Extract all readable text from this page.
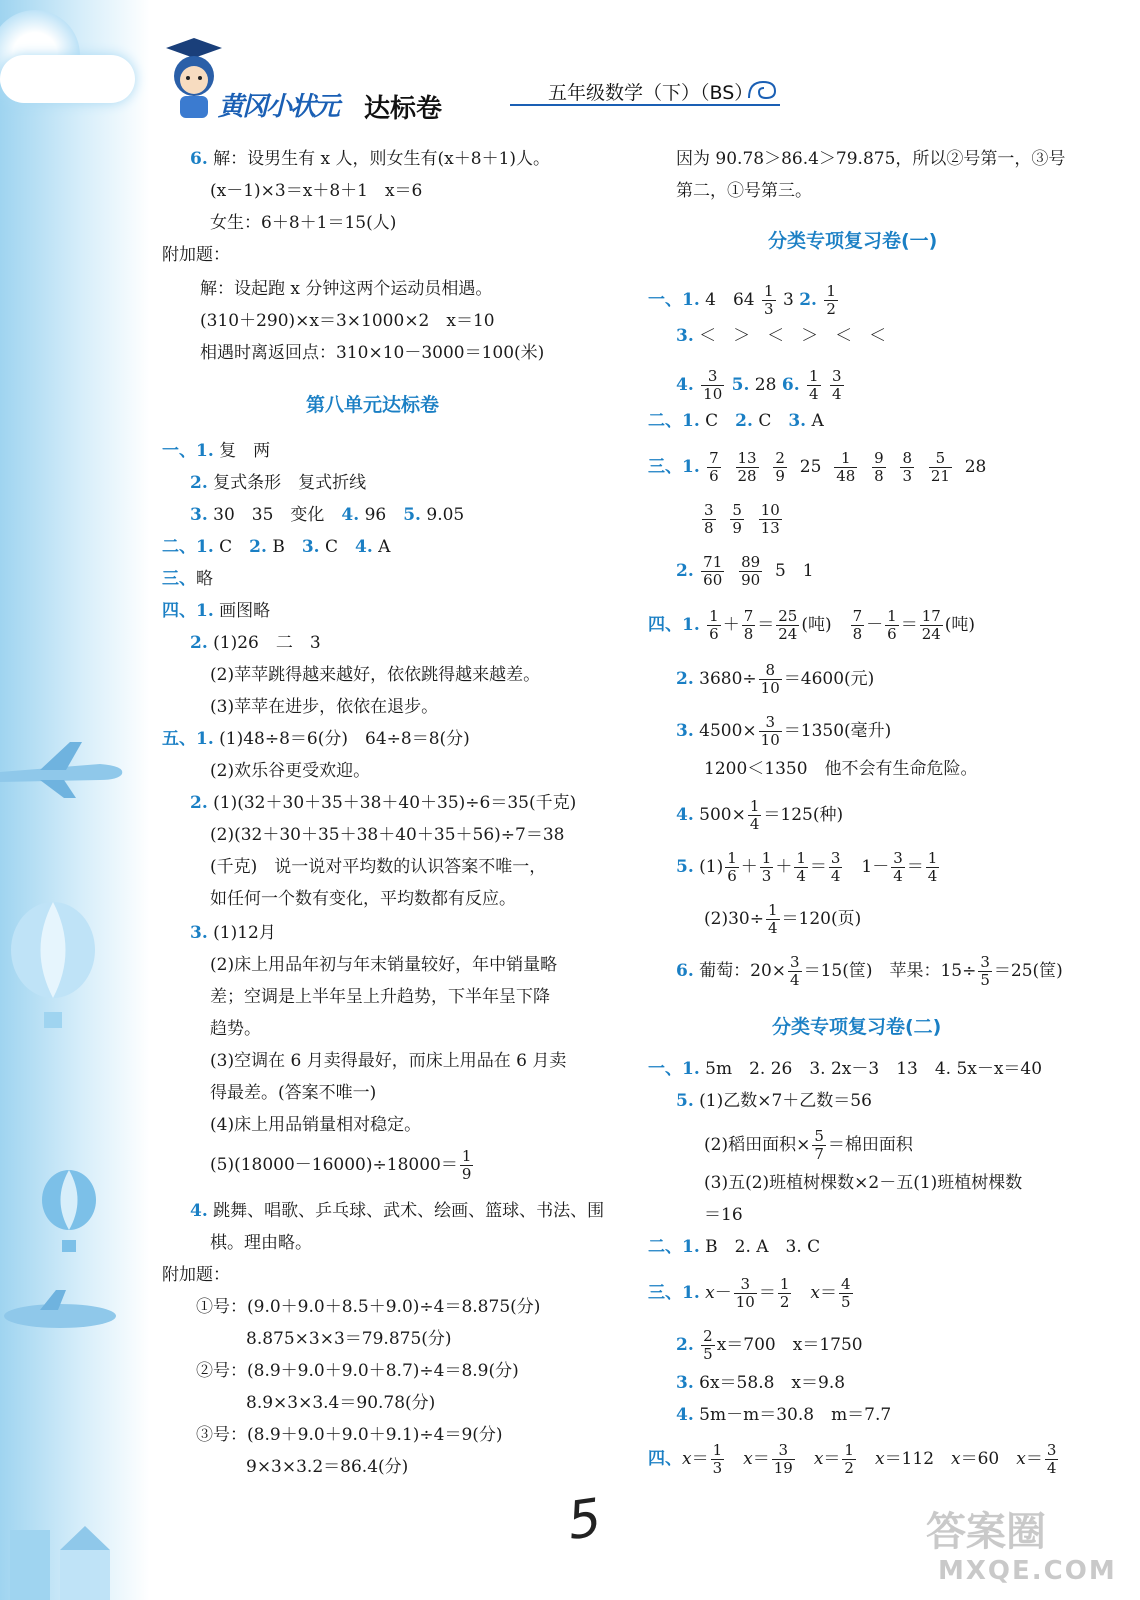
黄冈小状元 达标卷
五年级数学（下）（BS）
6. 解：设男生有 x 人，则女生有(x＋8＋1)人。
(x－1)×3＝x＋8＋1　x＝6
女生：6＋8＋1＝15(人)
附加题：
解：设起跑 x 分钟这两个运动员相遇。
(310＋290)×x＝3×1000×2　x＝10
相遇时离返回点：310×10－3000＝100(米)
第八单元达标卷
一、1. 复　两
2. 复式条形　复式折线
3. 30　35　变化　 4. 96　 5. 9.05
二、1. C　 2. B　 3. C　 4. A
三、略
四、1. 画图略
2. (1)26　二　3
(2)苹苹跳得越来越好，依依跳得越来越差。
(3)苹苹在进步，依依在退步。
五、1. (1)48÷8＝6(分)　64÷8＝8(分)
(2)欢乐谷更受欢迎。
2. (1)(32＋30＋35＋38＋40＋35)÷6＝35(千克)
(2)(32＋30＋35＋38＋40＋35＋56)÷7＝38
(千克)　说一说对平均数的认识答案不唯一，
如任何一个数有变化，平均数都有反应。
3. (1)12月
(2)床上用品年初与年末销量较好，年中销量略
差；空调是上半年呈上升趋势，下半年呈下降
趋势。
(3)空调在 6 月卖得最好，而床上用品在 6 月卖
得最差。(答案不唯一)
(4)床上用品销量相对稳定。
$(5)(18000-16000)\div 18000= \frac{1}{9}$
4. 跳舞、唱歌、乒乓球、武术、绘画、篮球、书法、围
棋。理由略。
附加题：
①号：(9.0＋9.0＋8.5＋9.0)÷4＝8.875(分)
8.875×3×3＝79.875(分)
②号：(8.9＋9.0＋9.0＋8.7)÷4＝8.9(分)
8.9×3×3.4＝90.78(分)
③号：(8.9＋9.0＋9.0＋9.1)÷4＝9(分)
9×3×3.2＝86.4(分)
因为 90.78＞86.4＞79.875，所以②号第一，③号
第二，①号第三。
分类专项复习卷(一)
一、1. 4　$64 \frac{1}{3} 3$ 2. $\frac{1}{2}$
3. ＜　＞　＜　＞　＜　＜
4. $\frac{3}{10} 5$. 28 6. $\frac{1}{4}$
$\frac{3}{4}$
二、1. C　 2. C　 3. A
三、1. $\frac{7}{6}$
$\frac{13}{28}$
$\frac{2}{9} 25 \frac{1}{48}$
$\frac{9}{8}$
$\frac{8}{3}$
$\frac{5}{21} 28$
$\frac{3}{8}$
$\frac{5}{9}$
$\frac{10}{13}$
2. $\frac{71}{60}$
$\frac{89}{90} 5$　1
四、1. $\frac{1}{6} + \frac{7}{8} = \frac{25}{24}$ (吨)　 $\frac{7}{8} - \frac{1}{6} = \frac{17}{24}$ (吨)
2. $3680\div \frac{8}{10} =4600$(元)
3. $4500\times \frac{3}{10} =1350$(毫升)
1200＜1350　他不会有生命危险。
4. $500\times \frac{1}{4} =125$(种)
5. $(1) \frac{1}{6} + \frac{1}{3} + \frac{1}{4} = \frac{3}{4}$ 　$1- \frac{3}{4} = \frac{1}{4}$
$(2)30\div \frac{1}{4} =120$(页)
6. 葡萄：$20\times \frac{3}{4} =15$(筐)　苹果：$15\div \frac{3}{5} =25$(筐)
分类专项复习卷(二)
一、1. 5m　2. 26　3. 2x－3　13　4. 5x－x＝40
5. (1)乙数×7＋乙数＝56
(2)稻田面积× $\frac{5}{7}$ ＝棉田面积
(3)五(2)班植树棵数×2－五(1)班植树棵数
＝16
二、1. B　2. A　3. C
三、1. $x- \frac{3}{10} = \frac{1}{2}$
　 $x= \frac{4}{5}$
2. $\frac{2}{5} x=700$　x＝1750
3. 6x＝58.8　x＝9.8
4. 5m－m＝30.8　m＝7.7
四、$x= \frac{1}{3}$
　 $x= \frac{3}{19}$
　 $x= \frac{1}{2}$
　 x＝112　x＝60　$x= \frac{3}{4}$
5	答案圈
MXQE.COM
